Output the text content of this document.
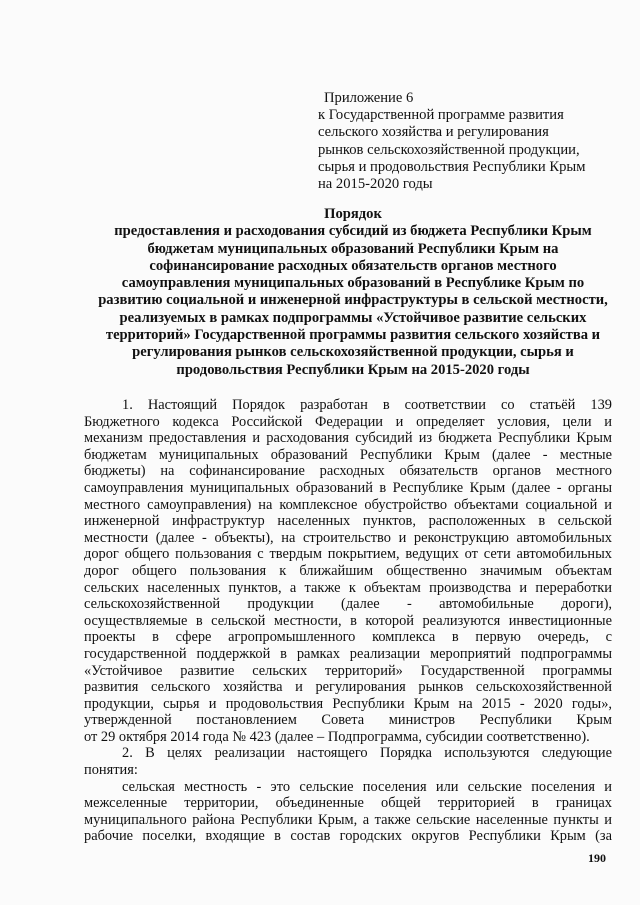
Приложение 6
к Государственной программе развития
сельского хозяйства и регулирования
рынков сельскохозяйственной продукции,
сырья и продовольствия Республики Крым
на 2015-2020 годы
Порядок
предоставления и расходования субсидий из бюджета Республики Крым
бюджетам муниципальных образований Республики Крым на
софинансирование расходных обязательств органов местного
самоуправления муниципальных образований в Республике Крым по
развитию социальной и инженерной инфраструктуры в сельской местности,
реализуемых в рамках подпрограммы «Устойчивое развитие сельских
территорий» Государственной программы развития сельского хозяйства и
регулирования рынков сельскохозяйственной продукции, сырья и
продовольствия Республики Крым на 2015-2020 годы
1. Настоящий Порядок разработан в соответствии со статьёй 139
Бюджетного кодекса Российской Федерации и определяет условия, цели и
механизм предоставления и расходования субсидий из бюджета Республики Крым
бюджетам муниципальных образований Республики Крым (далее - местные
бюджеты) на софинансирование расходных обязательств органов местного
самоуправления муниципальных образований в Республике Крым (далее - органы
местного самоуправления) на комплексное обустройство объектами социальной и
инженерной инфраструктур населенных пунктов, расположенных в сельской
местности (далее - объекты), на строительство и реконструкцию автомобильных
дорог общего пользования с твердым покрытием, ведущих от сети автомобильных
дорог общего пользования к ближайшим общественно значимым объектам
сельских населенных пунктов, а также к объектам производства и переработки
сельскохозяйственной продукции (далее - автомобильные дороги),
осуществляемые в сельской местности, в которой реализуются инвестиционные
проекты в сфере агропромышленного комплекса в первую очередь, с
государственной поддержкой в рамках реализации мероприятий подпрограммы
«Устойчивое развитие сельских территорий» Государственной программы
развития сельского хозяйства и регулирования рынков сельскохозяйственной
продукции, сырья и продовольствия Республики Крым на 2015 - 2020 годы»,
утвержденной постановлением Совета министров Республики Крым
от 29 октября 2014 года № 423 (далее – Подпрограмма, субсидии соответственно).
2. В целях реализации настоящего Порядка используются следующие
понятия:
сельская местность - это сельские поселения или сельские поселения и
межселенные территории, объединенные общей территорией в границах
муниципального района Республики Крым, а также сельские населенные пункты и
рабочие поселки, входящие в состав городских округов Республики Крым (за
190
